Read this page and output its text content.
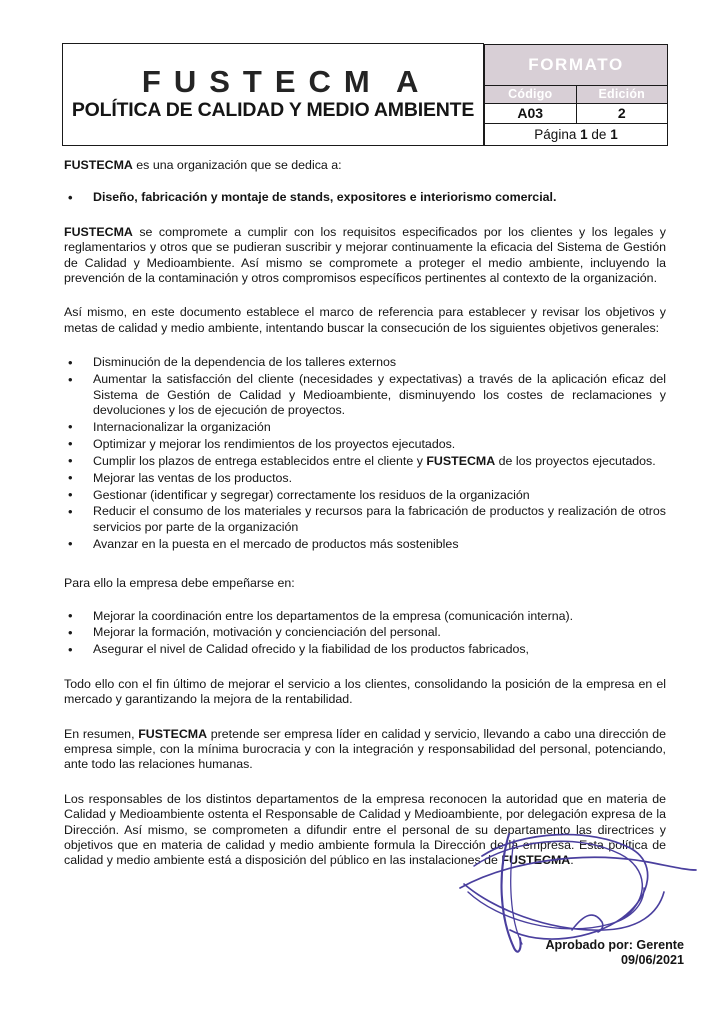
FUSTECMA
POLÍTICA DE CALIDAD Y MEDIO AMBIENTE

FORMATO
Código	Edición
A03	2
Página 1 de 1

FUSTECMA es una organización que se dedica a:

• Diseño, fabricación y montaje de stands, expositores e interiorismo comercial.

FUSTECMA se compromete a cumplir con los requisitos especificados por los clientes y los legales y reglamentarios y otros que se pudieran suscribir y mejorar continuamente la eficacia del Sistema de Gestión de Calidad y Medioambiente. Así mismo se compromete a proteger el medio ambiente, incluyendo la prevención de la contaminación y otros compromisos específicos pertinentes al contexto de la organización.

Así mismo, en este documento establece el marco de referencia para establecer y revisar los objetivos y metas de calidad y medio ambiente, intentando buscar la consecución de los siguientes objetivos generales:

• Disminución de la dependencia de los talleres externos
• Aumentar la satisfacción del cliente (necesidades y expectativas) a través de la aplicación eficaz del Sistema de Gestión de Calidad y Medioambiente, disminuyendo los costes de reclamaciones y devoluciones y los de ejecución de proyectos.
• Internacionalizar la organización
• Optimizar y mejorar los rendimientos de los proyectos ejecutados.
• Cumplir los plazos de entrega establecidos entre el cliente y FUSTECMA de los proyectos ejecutados.
• Mejorar las ventas de los productos.
• Gestionar (identificar y segregar) correctamente los residuos de la organización
• Reducir el consumo de los materiales y recursos para la fabricación de productos y realización de otros servicios por parte de la organización
• Avanzar en la puesta en el mercado de productos más sostenibles

Para ello la empresa debe empeñarse en:

• Mejorar la coordinación entre los departamentos de la empresa (comunicación interna).
• Mejorar la formación, motivación y concienciación del personal.
• Asegurar el nivel de Calidad ofrecido y la fiabilidad de los productos fabricados,

Todo ello con el fin último de mejorar el servicio a los clientes, consolidando la posición de la empresa en el mercado y garantizando la mejora de la rentabilidad.

En resumen, FUSTECMA pretende ser empresa líder en calidad y servicio, llevando a cabo una dirección de empresa simple, con la mínima burocracia y con la integración y responsabilidad del personal, potenciando, ante todo las relaciones humanas.

Los responsables de los distintos departamentos de la empresa reconocen la autoridad que en materia de Calidad y Medioambiente ostenta el Responsable de Calidad y Medioambiente, por delegación expresa de la Dirección. Así mismo, se comprometen a difundir entre el personal de su departamento las directrices y objetivos que en materia de calidad y medio ambiente formula la Dirección de la empresa. Esta política de calidad y medio ambiente está a disposición del público en las instalaciones de FUSTECMA.

Aprobado por: Gerente
09/06/2021
